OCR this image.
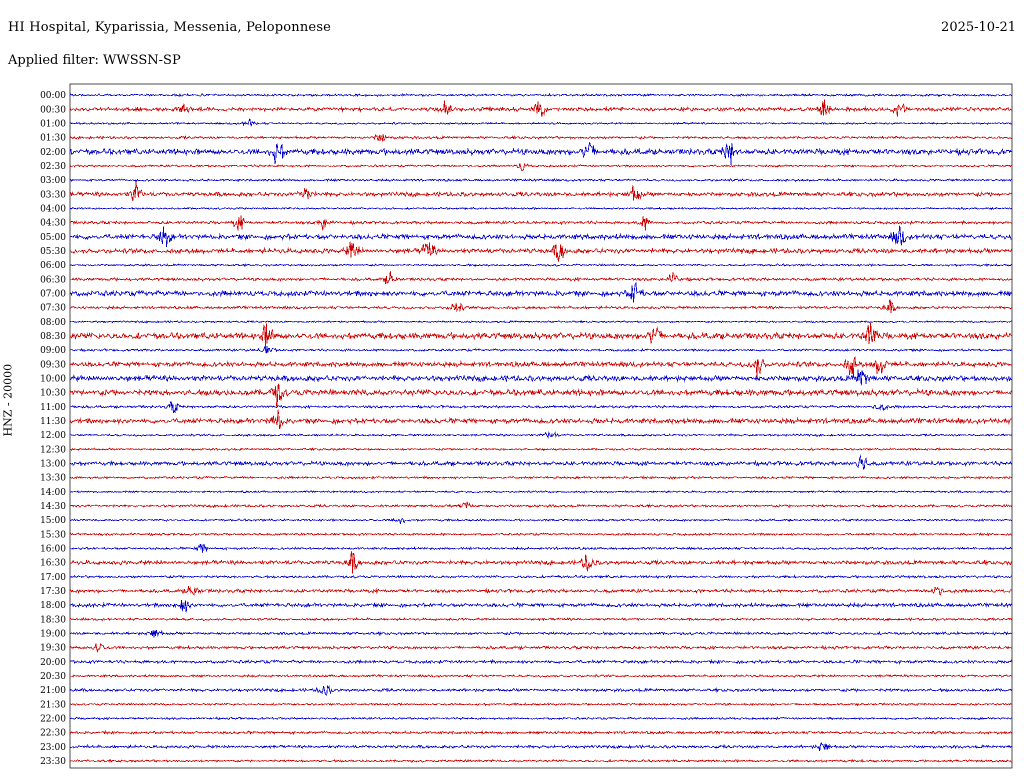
HI Hospital, Kyparissia, Messenia, Peloponnese	2025-10-21
Applied filter: WWSSN-SP
HNZ - 20000
00:00
00:30
01:00
01:30
02:00
02:30
03:00
03:30
04:00
04:30
05:00
05:30
06:00
06:30
07:00
07:30
08:00
08:30
09:00
09:30
10:00
10:30
11:00
11:30
12:00
12:30
13:00
13:30
14:00
14:30
15:00
15:30
16:00
16:30
17:00
17:30
18:00
18:30
19:00
19:30
20:00
20:30
21:00
21:30
22:00
22:30
23:00
23:30
